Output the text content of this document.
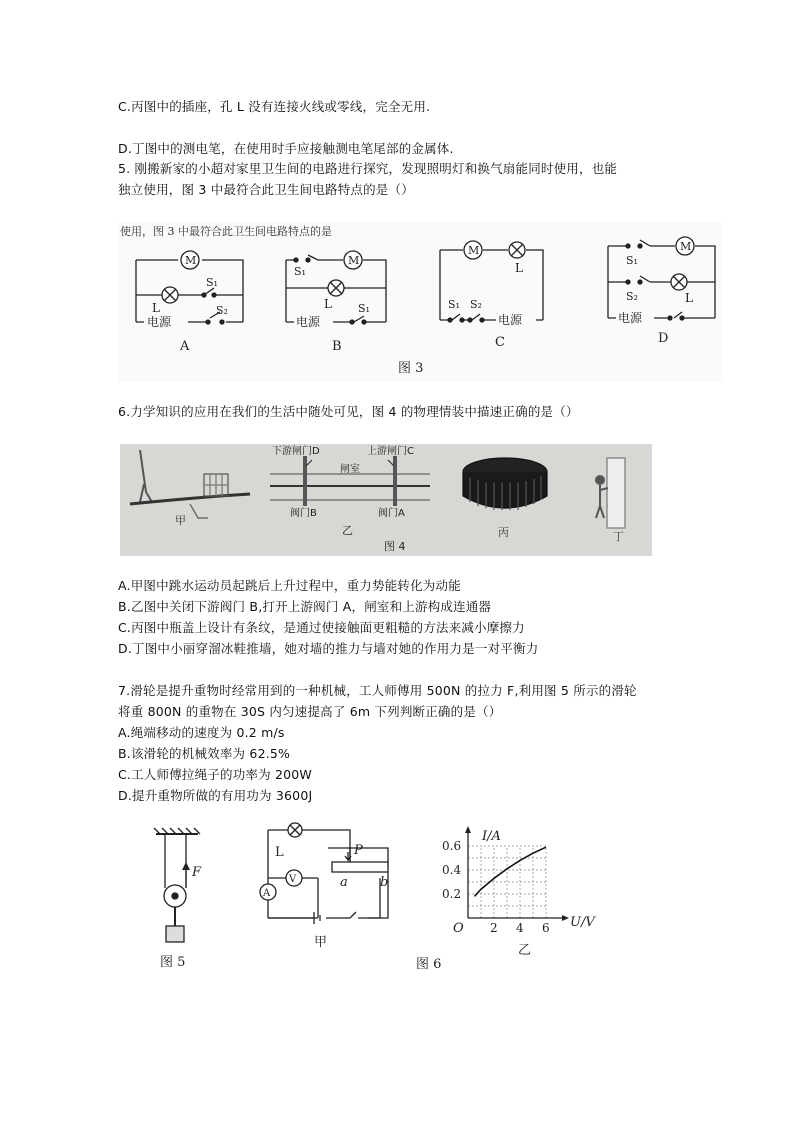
C.丙图中的插座，孔 L 没有连接火线或零线，完全无用.
D.丁图中的测电笔，在使用时手应接触测电笔尾部的金属体.
5. 刚搬新家的小超对家里卫生间的电路进行探究，发现照明灯和换气扇能同时使用，也能
独立使用，图 3 中最符合此卫生间电路特点的是（）
使用，图 3 中最符合此卫生间电路特点的是
M
L
S₁
S₂
电源
A
M
S₁
L S₁
电源
B
M
L
S₁ S₂
电源
C
M
S₁
S₂	L
电源
D
图 3
6.力学知识的应用在我们的生活中随处可见，图 4 的物理情装中描速正确的是（）
甲
下游闸门D	上游闸门C
闸室
阀门B	阀门A
乙	丙	丁
图 4
A.甲图中跳水运动员起跳后上升过程中，重力势能转化为动能
B.乙图中关闭下游阀门 B,打开上游阀门 A，闸室和上游构成连通器
C.丙图中瓶盖上设计有条纹，是通过使接触面更粗糙的方法来减小摩擦力
D.丁图中小丽穿溜冰鞋推墙，她对墙的推力与墙对她的作用力是一对平衡力
7.滑轮是提升重物时经常用到的一种机械，工人师傅用 500N 的拉力 F,利用图 5 所示的滑轮
将重 800N 的重物在 30S 内匀速提高了 6m 下列判断正确的是（）
A.绳端移动的速度为 0.2 m/s
B.该滑轮的机械效率为 62.5%
C.工人师傅拉绳子的功率为 200W
D.提升重物所做的有用功为 3600J
F
图 5
L
V
A
P
a b
甲
图 6
I/A
U/V
O
乙
2 4 6
0.2
0.4
0.6
